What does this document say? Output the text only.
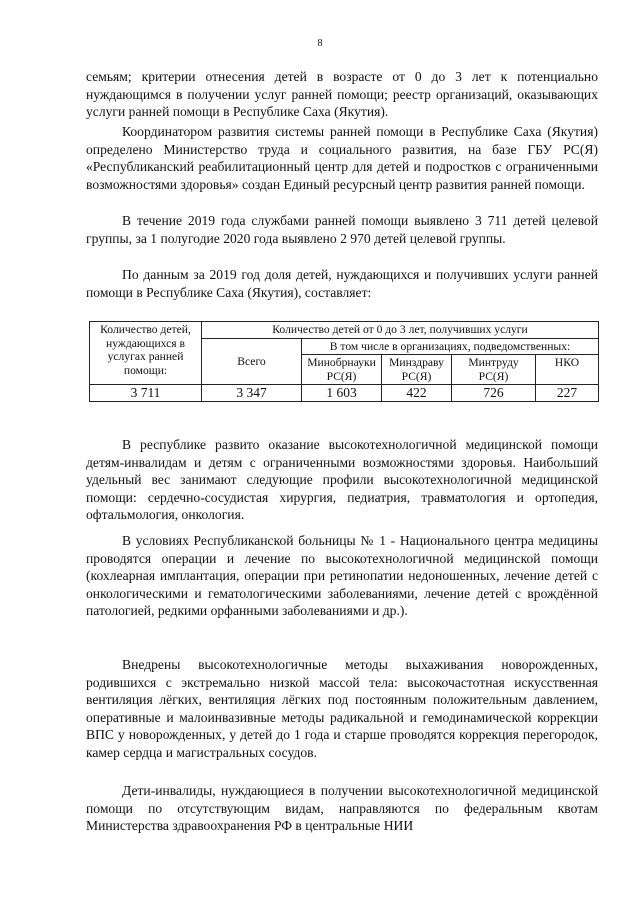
8

семьям; критерии отнесения детей в возрасте от 0 до 3 лет к потенциально нуждающимся в получении услуг ранней помощи; реестр организаций, оказывающих услуги ранней помощи в Республике Саха (Якутия).

Координатором развития системы ранней помощи в Республике Саха (Якутия) определено Министерство труда и социального развития, на базе ГБУ РС(Я) «Республиканский реабилитационный центр для детей и подростков с ограниченными возможностями здоровья» создан Единый ресурсный центр развития ранней помощи.

В течение 2019 года службами ранней помощи выявлено 3 711 детей целевой группы, за 1 полугодие 2020 года выявлено 2 970 детей целевой группы.

По данным за 2019 год доля детей, нуждающихся и получивших услуги ранней помощи в Республике Саха (Якутия), составляет:

Количество детей, нуждающихся в услугах ранней помощи:	Количество детей от 0 до 3 лет, получивших услуги				
	Всего	В том числе в организациях, подведомственных:			
		Минобрнауки РС(Я)	Минздраву РС(Я)	Минтруду РС(Я)	НКО
3 711	3 347	1 603	422	726	227

В республике развито оказание высокотехнологичной медицинской помощи детям-инвалидам и детям с ограниченными возможностями здоровья. Наибольший удельный вес занимают следующие профили высокотехнологичной медицинской помощи: сердечно-сосудистая хирургия, педиатрия, травматология и ортопедия, офтальмология, онкология.

В условиях Республиканской больницы № 1 - Национального центра медицины проводятся операции и лечение по высокотехнологичной медицинской помощи (кохлеарная имплантация, операции при ретинопатии недоношенных, лечение детей с онкологическими и гематологическими заболеваниями, лечение детей с врождённой патологией, редкими орфанными заболеваниями и др.).

Внедрены высокотехнологичные методы выхаживания новорожденных, родившихся с экстремально низкой массой тела: высокочастотная искусственная вентиляция лёгких, вентиляция лёгких под постоянным положительным давлением, оперативные и малоинвазивные методы радикальной и гемодинамической коррекции ВПС у новорожденных, у детей до 1 года и старше проводятся коррекция перегородок, камер сердца и магистральных сосудов.

Дети-инвалиды, нуждающиеся в получении высокотехнологичной медицинской помощи по отсутствующим видам, направляются по федеральным квотам Министерства здравоохранения РФ в центральные НИИ
